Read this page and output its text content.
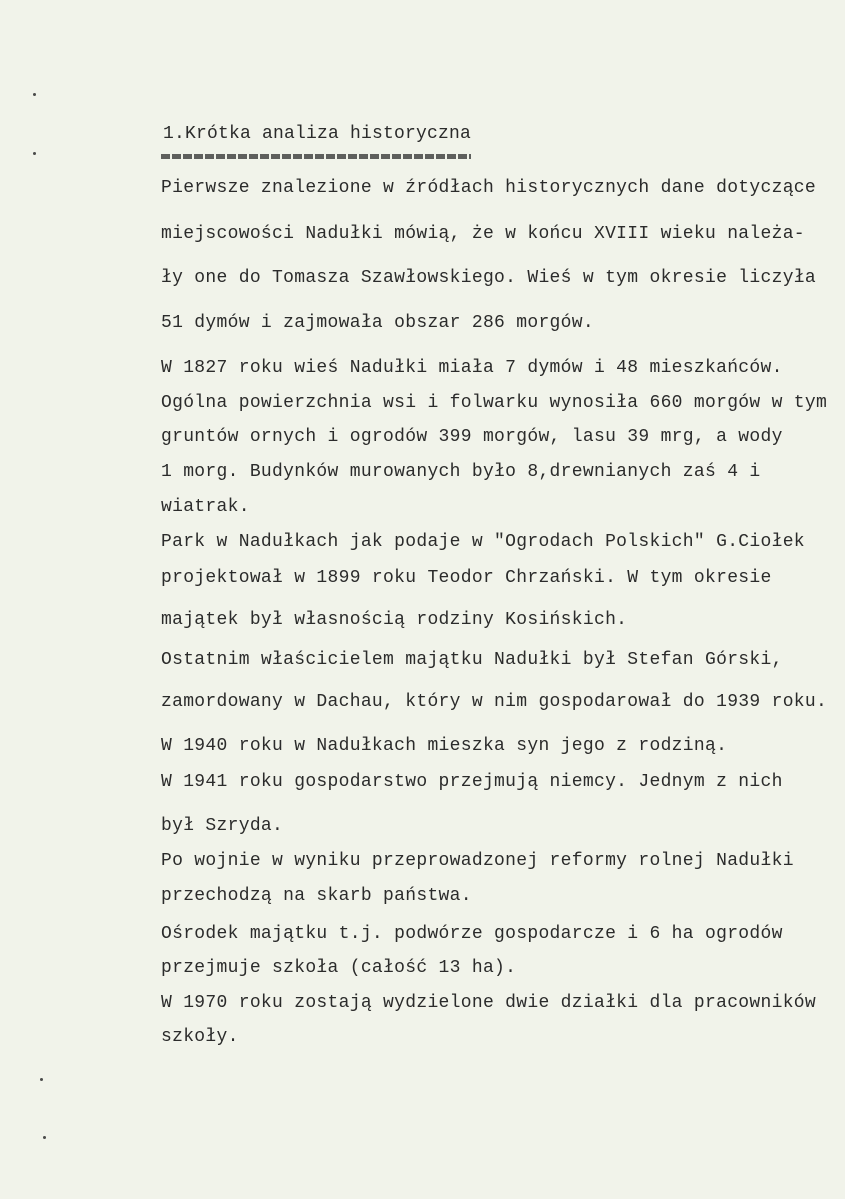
1.Krótka analiza historyczna
Pierwsze znalezione w źródłach historycznych dane dotyczące
miejscowości Nadułki mówią, że w końcu XVIII wieku należa-
ły one do Tomasza Szawłowskiego. Wieś w tym okresie liczyła
51 dymów i zajmowała obszar 286 morgów.
W 1827 roku wieś Nadułki miała 7 dymów i 48 mieszkańców.
Ogólna powierzchnia wsi i folwarku wynosiła 660 morgów w tym
gruntów ornych i ogrodów 399 morgów, lasu 39 mrg, a wody
1 morg. Budynków murowanych było 8,drewnianych zaś 4 i
wiatrak.
Park w Nadułkach jak podaje w "Ogrodach Polskich" G.Ciołek
projektował w 1899 roku Teodor Chrzański. W tym okresie
majątek był własnością rodziny Kosińskich.
Ostatnim właścicielem majątku Nadułki był Stefan Górski,
zamordowany w Dachau, który w nim gospodarował do 1939 roku.
W 1940 roku w Nadułkach mieszka syn jego z rodziną.
W 1941 roku gospodarstwo przejmują niemcy. Jednym z nich
był Szryda.
Po wojnie w wyniku przeprowadzonej reformy rolnej Nadułki
przechodzą na skarb państwa.
Ośrodek majątku t.j. podwórze gospodarcze i 6 ha ogrodów
przejmuje szkoła (całość 13 ha).
W 1970 roku zostają wydzielone dwie działki dla pracowników
szkoły.
